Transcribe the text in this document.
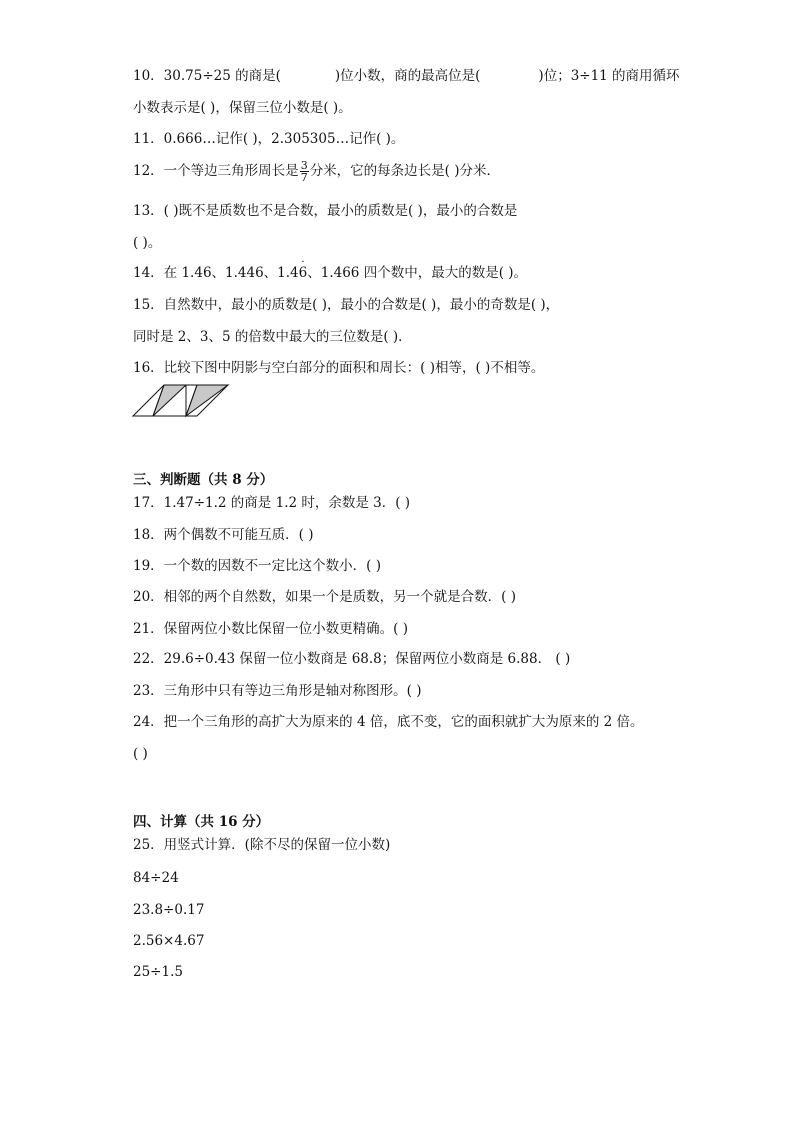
10．30.75÷25 的商是(	)位小数，商的最高位是(	)位；3÷11 的商用循环
小数表示是( )，保留三位小数是( )。
11．0.666…记作( )，2.305305…记作( )。
12．一个等边三角形周长是 $\frac{3}{7}$ 分米，它的每条边长是( )分米．
13．( )既不是质数也不是合数，最小的质数是( )，最小的合数是
( )。
14．在 1.46、1.446、1.4
·
6、1.466 四个数中，最大的数是( )。
15．自然数中，最小的质数是( )，最小的合数是( )，最小的奇数是( )，
同时是 2、3、5 的倍数中最大的三位数是( )．
16．比较下图中阴影与空白部分的面积和周长：( )相等，( )不相等。
三、判断题（共 8 分）
17．1.47÷1.2 的商是 1.2 时，余数是 3．( )
18．两个偶数不可能互质．( )
19．一个数的因数不一定比这个数小．( )
20．相邻的两个自然数，如果一个是质数，另一个就是合数．( )
21．保留两位小数比保留一位小数更精确。( )
22．29.6÷0.43 保留一位小数商是 68.8；保留两位小数商是 6.88． ( )
23．三角形中只有等边三角形是轴对称图形。( )
24．把一个三角形的高扩大为原来的 4 倍，底不变，它的面积就扩大为原来的 2 倍。
( )
四、计算（共 16 分）
25．用竖式计算．(除不尽的保留一位小数)
84÷24
23.8÷0.17
2.56×4.67
25÷1.5
